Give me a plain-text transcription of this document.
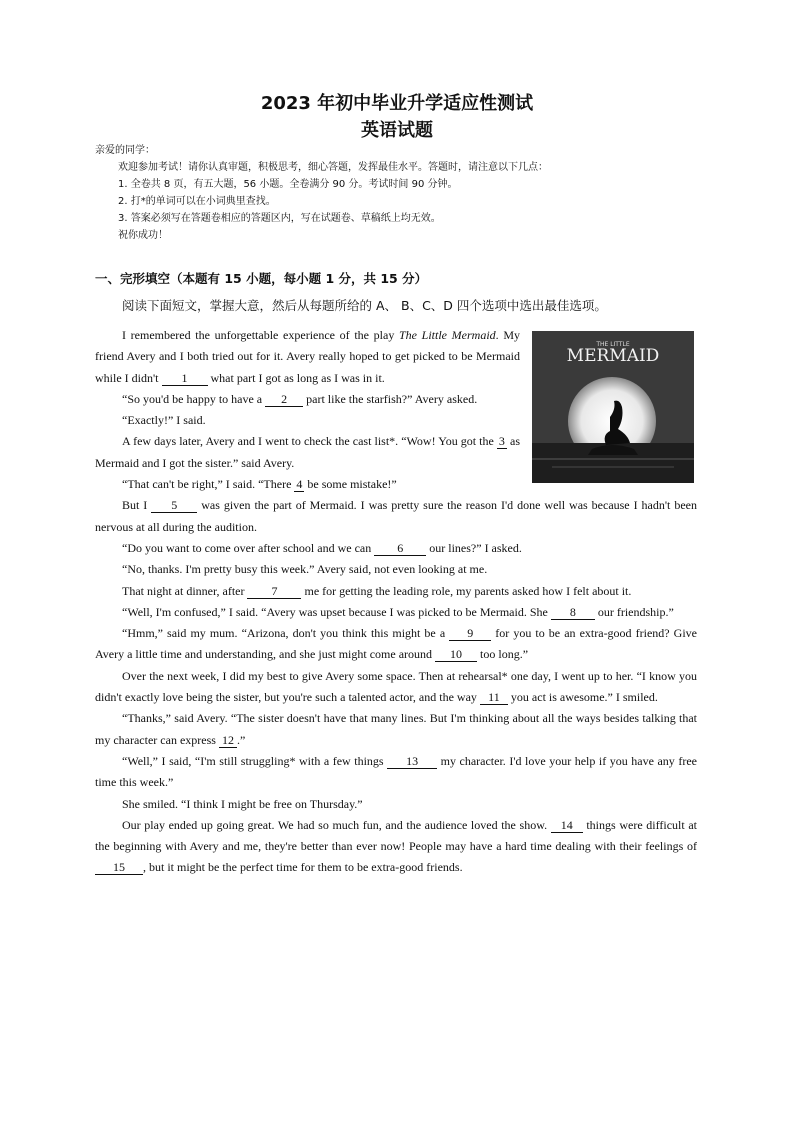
2023 年初中毕业升学适应性测试
英语试题
亲爱的同学：
欢迎参加考试！请你认真审题，积极思考，细心答题，发挥最佳水平。答题时，请注意以下几点：
1. 全卷共 8 页，有五大题，56 小题。全卷满分 90 分。考试时间 90 分钟。
2. 打*的单词可以在小词典里查找。
3. 答案必须写在答题卷相应的答题区内，写在试题卷、草稿纸上均无效。
祝你成功！
一、完形填空（本题有 15 小题，每小题 1 分，共 15 分）
阅读下面短文，掌握大意，然后从每题所给的 A、 B、C、D 四个选项中选出最佳选项。
THE LITTLE
MERMAID

I remembered the unforgettable experience of the play The Little Mermaid. My friend Avery and I both tried out for it. Avery really hoped to get picked to be Mermaid while I didn't 1 what part I got as long as I was in it.

“So you'd be happy to have a 2 part like the starfish?” Avery asked.

“Exactly!” I said.

A few days later, Avery and I went to check the cast list*. “Wow! You got the 3 as Mermaid and I got the sister.” said Avery.

“That can't be right,” I said. “There 4 be some mistake!”

But I 5 was given the part of Mermaid. I was pretty sure the reason I'd done well was because I hadn't been nervous at all during the audition.

“Do you want to come over after school and we can 6 our lines?” I asked.

“No, thanks. I'm pretty busy this week.” Avery said, not even looking at me.

That night at dinner, after 7 me for getting the leading role, my parents asked how I felt about it.

“Well, I'm confused,” I said. “Avery was upset because I was picked to be Mermaid. She 8 our friendship.”

“Hmm,” said my mum. “Arizona, don't you think this might be a 9 for you to be an extra-good friend? Give Avery a little time and understanding, and she just might come around 10 too long.”

Over the next week, I did my best to give Avery some space. Then at rehearsal* one day, I went up to her. “I know you didn't exactly love being the sister, but you're such a talented actor, and the way 11 you act is awesome.” I smiled.

“Thanks,” said Avery. “The sister doesn't have that many lines. But I'm thinking about all the ways besides talking that my character can express 12 .”

“Well,” I said, “I'm still struggling* with a few things 13 my character. I'd love your help if you have any free time this week.”

She smiled. “I think I might be free on Thursday.”

Our play ended up going great. We had so much fun, and the audience loved the show. 14 things were difficult at the beginning with Avery and me, they're better than ever now! People may have a hard time dealing with their feelings of 15 , but it might be the perfect time for them to be extra-good friends.
